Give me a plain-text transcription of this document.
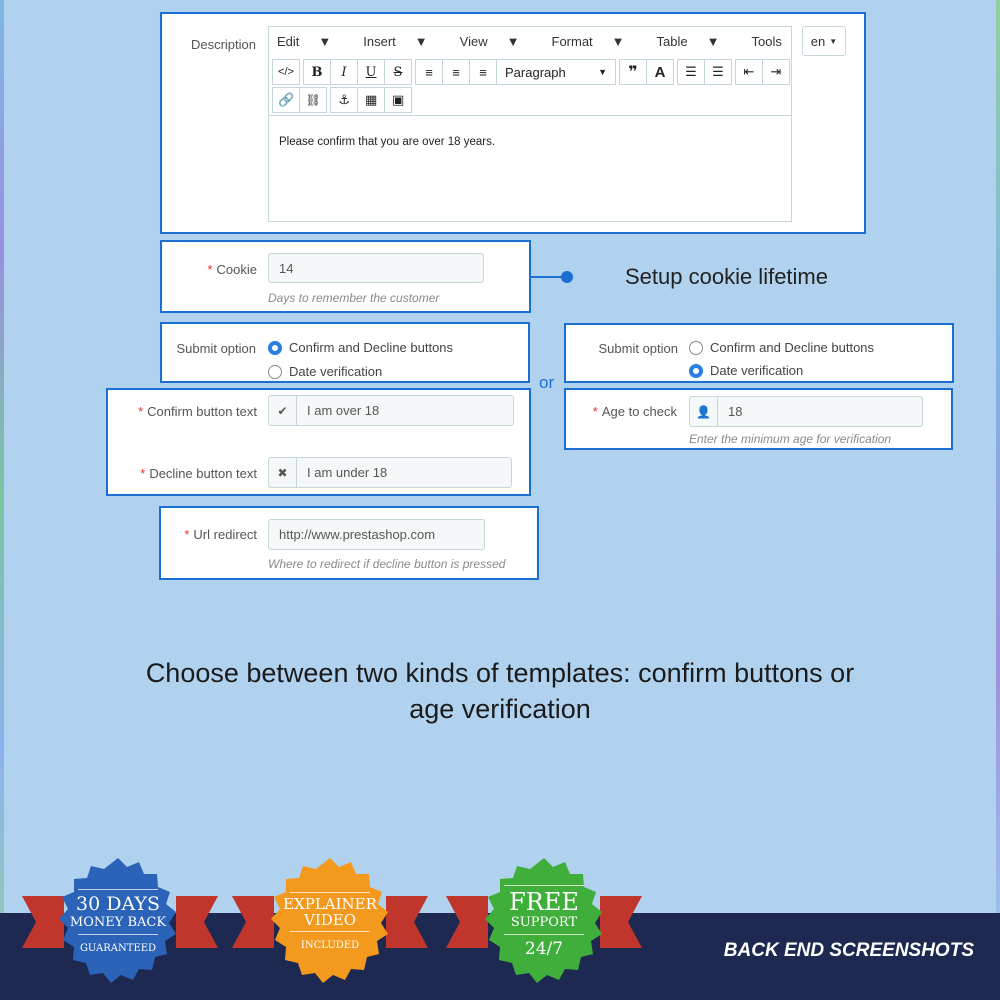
Description Edit ▼	Insert ▼	View ▼	Format ▼	Table ▼	Tools
</>	B	I	U	S	≡	≡	≡	Paragraph	▼	❞	A	☰	☰	⇤	⇥
🔗 ⛓	⚓	▦	▣

Please confirm that you are over 18 years.

en ▼
* Cookie	14
Days to remember the customer
Setup cookie lifetime
Submit option	Confirm and Decline buttons
Date verification
or
Submit option Confirm and Decline buttons
Date verification
* Confirm button text	✔	I am over 18
* Decline button text	✖	I am under 18
* Age to check	👤	18
Enter the minimum age for verification
* Url redirect	http://www.prestashop.com
Where to redirect if decline button is pressed
Choose between two kinds of templates: confirm buttons or
age verification
BACK END SCREENSHOTS
30 DAYS
MONEY BACK
GUARANTEED
EXPLAINER
VIDEO
INCLUDED
FREE
SUPPORT
24/7
